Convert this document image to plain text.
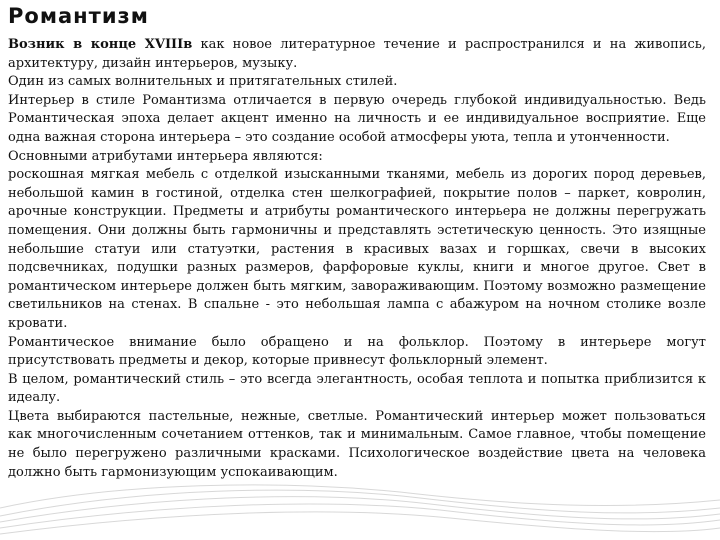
Романтизм

Возник в конце XVIIIв как новое литературное течение и распространился и на живопись, архитектуру, дизайн интерьеров, музыку.

Один из самых волнительных и притягательных стилей.

Интерьер в стиле Романтизма отличается в первую очередь глубокой индивидуальностью. Ведь Романтическая эпоха делает акцент именно на личность и ее индивидуальное восприятие. Еще одна важная сторона интерьера – это создание особой атмосферы уюта, тепла и утонченности.

Основными атрибутами интерьера являются:

роскошная мягкая мебель с отделкой изысканными тканями, мебель из дорогих пород деревьев, небольшой камин в гостиной, отделка стен шелкографией, покрытие полов – паркет, ковролин, арочные конструкции. Предметы и атрибуты романтического интерьера не должны перегружать помещения. Они должны быть гармоничны и представлять эстетическую ценность. Это изящные небольшие статуи или статуэтки, растения в красивых вазах и горшках, свечи в высоких подсвечниках, подушки разных размеров, фарфоровые куклы, книги и многое другое. Свет в романтическом интерьере должен быть мягким, завораживающим. Поэтому возможно размещение светильников на стенах. В спальне - это небольшая лампа с абажуром на ночном столике возле кровати.

Романтическое внимание было обращено и на фольклор. Поэтому в интерьере могут присутствовать предметы и декор, которые привнесут фольклорный элемент.

В целом, романтический стиль – это всегда элегантность, особая теплота и попытка приблизится к идеалу.

Цвета выбираются пастельные, нежные, светлые. Романтический интерьер может пользоваться как многочисленным сочетанием оттенков, так и минимальным. Самое главное, чтобы помещение не было перегружено различными красками. Психологическое воздействие цвета на человека должно быть гармонизующим успокаивающим.
